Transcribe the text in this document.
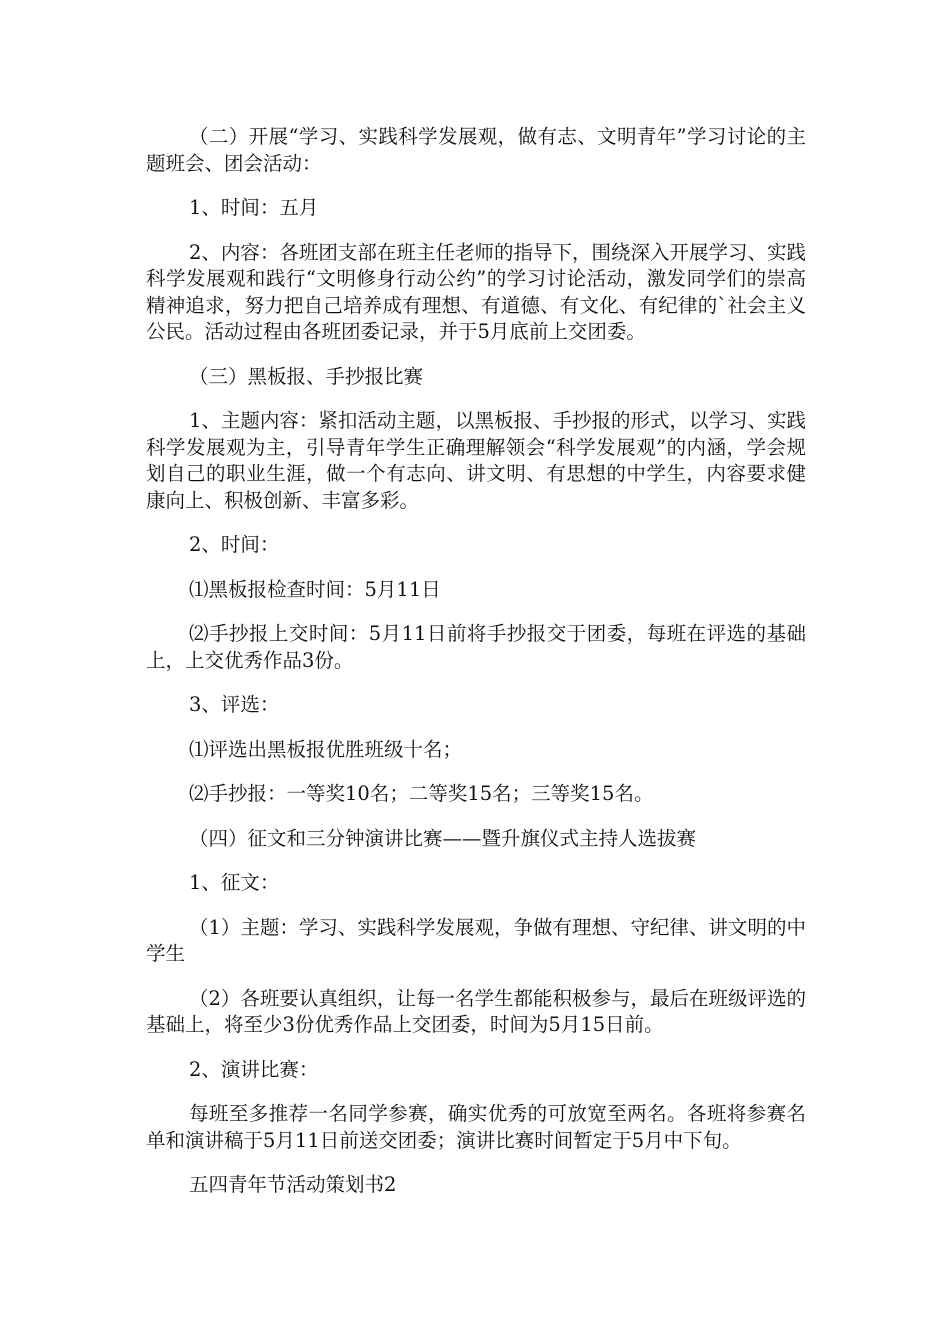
（二）开展“学习、实践科学发展观，做有志、文明青年”学习讨论的主题班会、团会活动：

1、时间：五月

2、内容：各班团支部在班主任老师的指导下，围绕深入开展学习、实践科学发展观和践行“文明修身行动公约”的学习讨论活动，激发同学们的崇高精神追求，努力把自己培养成有理想、有道德、有文化、有纪律的`社会主义公民。活动过程由各班团委记录，并于5月底前上交团委。

（三）黑板报、手抄报比赛

1、主题内容：紧扣活动主题，以黑板报、手抄报的形式，以学习、实践科学发展观为主，引导青年学生正确理解领会“科学发展观”的内涵，学会规划自己的职业生涯，做一个有志向、讲文明、有思想的中学生，内容要求健康向上、积极创新、丰富多彩。

2、时间：

⑴黑板报检查时间：5月11日

⑵手抄报上交时间：5月11日前将手抄报交于团委，每班在评选的基础上，上交优秀作品3份。

3、评选：

⑴评选出黑板报优胜班级十名；

⑵手抄报：一等奖10名；二等奖15名；三等奖15名。

（四）征文和三分钟演讲比赛——暨升旗仪式主持人选拔赛

1、征文：

（1）主题：学习、实践科学发展观，争做有理想、守纪律、讲文明的中学生

（2）各班要认真组织，让每一名学生都能积极参与，最后在班级评选的基础上，将至少3份优秀作品上交团委，时间为5月15日前。

2、演讲比赛：

每班至多推荐一名同学参赛，确实优秀的可放宽至两名。各班将参赛名单和演讲稿于5月11日前送交团委；演讲比赛时间暂定于5月中下旬。

五四青年节活动策划书2
